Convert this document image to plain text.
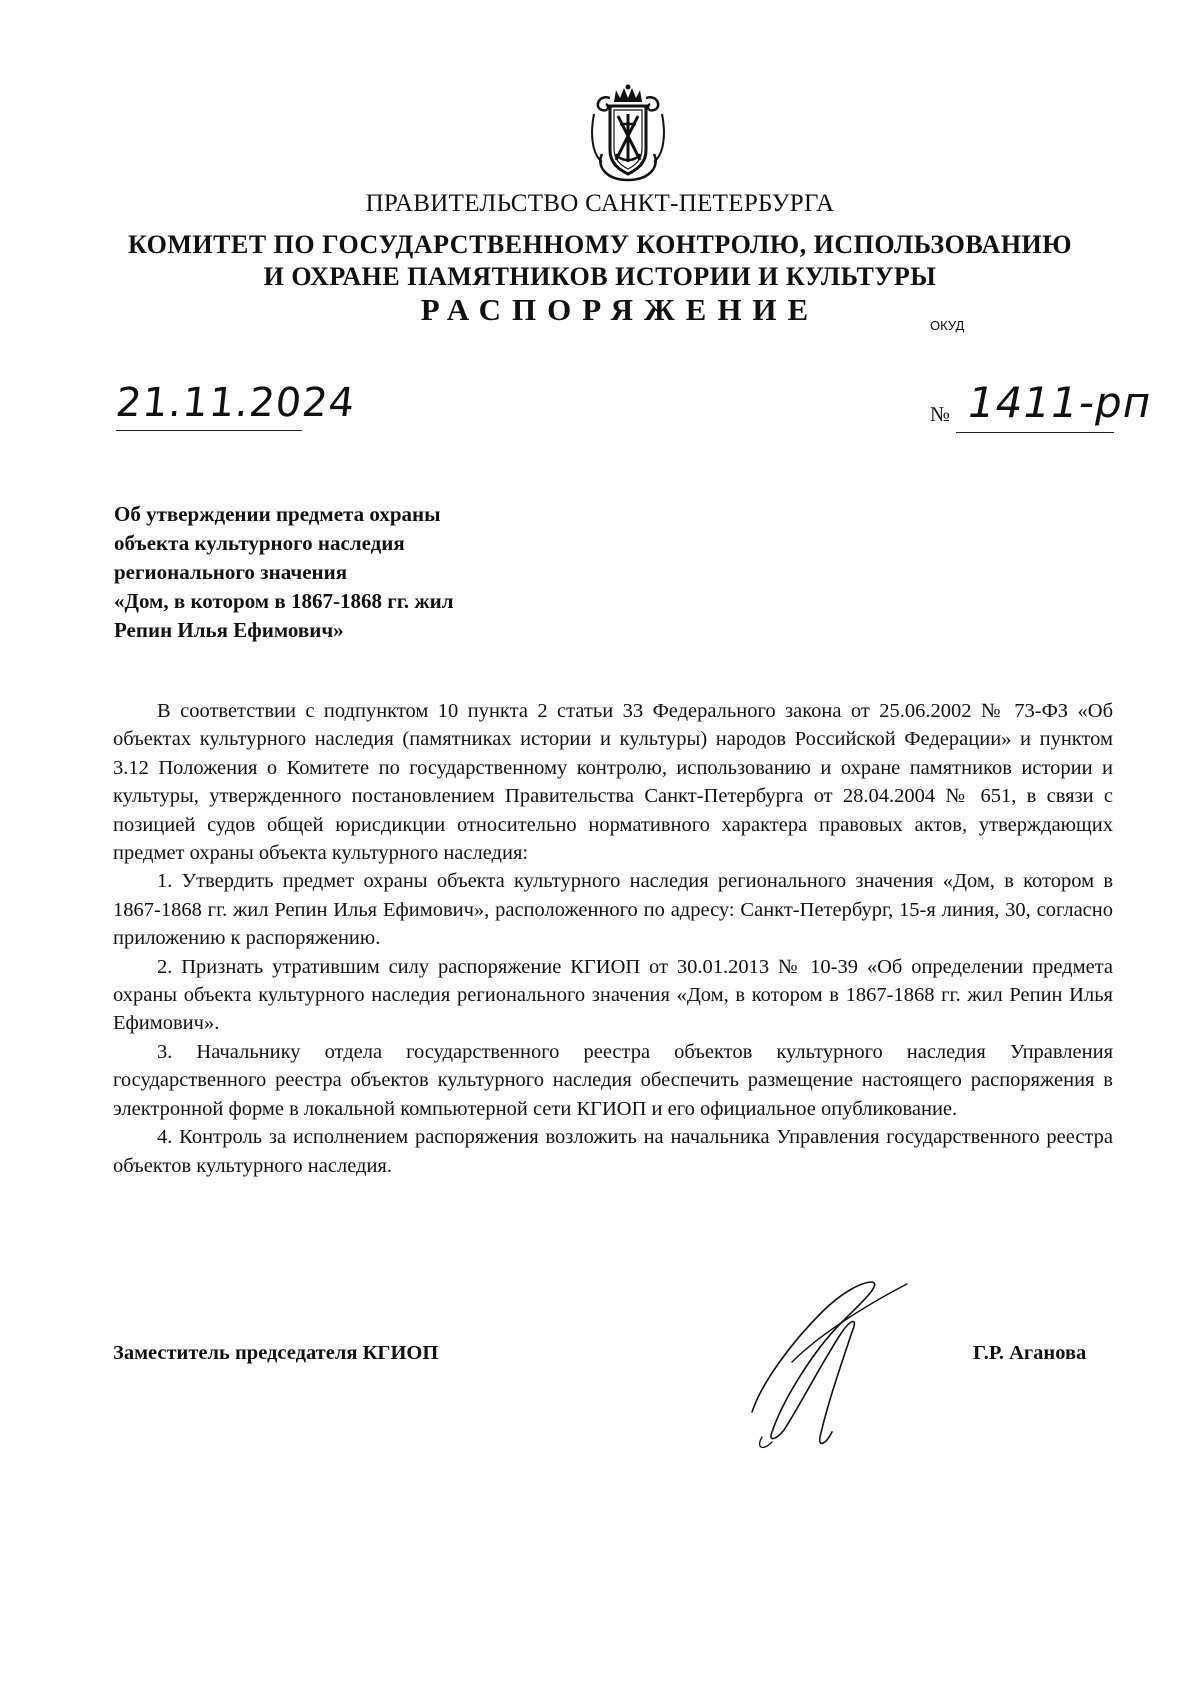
ПРАВИТЕЛЬСТВО САНКТ-ПЕТЕРБУРГА
КОМИТЕТ ПО ГОСУДАРСТВЕННОМУ КОНТРОЛЮ, ИСПОЛЬЗОВАНИЮ
И ОХРАНЕ ПАМЯТНИКОВ ИСТОРИИ И КУЛЬТУРЫ
РАСПОРЯЖЕНИЕ	ОКУД
21.11.2024	№ 1411-рп
Об утверждении предмета охраны
объекта культурного наследия
регионального значения
«Дом, в котором в 1867-1868 гг. жил
Репин Илья Ефимович»

В соответствии с подпунктом 10 пункта 2 статьи 33 Федерального закона от 25.06.2002 № 73-ФЗ «Об объектах культурного наследия (памятниках истории и культуры) народов Российской Федерации» и пунктом 3.12 Положения о Комитете по государственному контролю, использованию и охране памятников истории и культуры, утвержденного постановлением Правительства Санкт-Петербурга от 28.04.2004 № 651, в связи с позицией судов общей юрисдикции относительно нормативного характера правовых актов, утверждающих предмет охраны объекта культурного наследия:

1. Утвердить предмет охраны объекта культурного наследия регионального значения «Дом, в котором в 1867-1868 гг. жил Репин Илья Ефимович», расположенного по адресу: Санкт-Петербург, 15-я линия, 30, согласно приложению к распоряжению.

2. Признать утратившим силу распоряжение КГИОП от 30.01.2013 № 10-39 «Об определении предмета охраны объекта культурного наследия регионального значения «Дом, в котором в 1867-1868 гг. жил Репин Илья Ефимович».

3. Начальнику отдела государственного реестра объектов культурного наследия Управления государственного реестра объектов культурного наследия обеспечить размещение настоящего распоряжения в электронной форме в локальной компьютерной сети КГИОП и его официальное опубликование.

4. Контроль за исполнением распоряжения возложить на начальника Управления государственного реестра объектов культурного наследия.

Заместитель председателя КГИОП	Г.Р. Аганова
